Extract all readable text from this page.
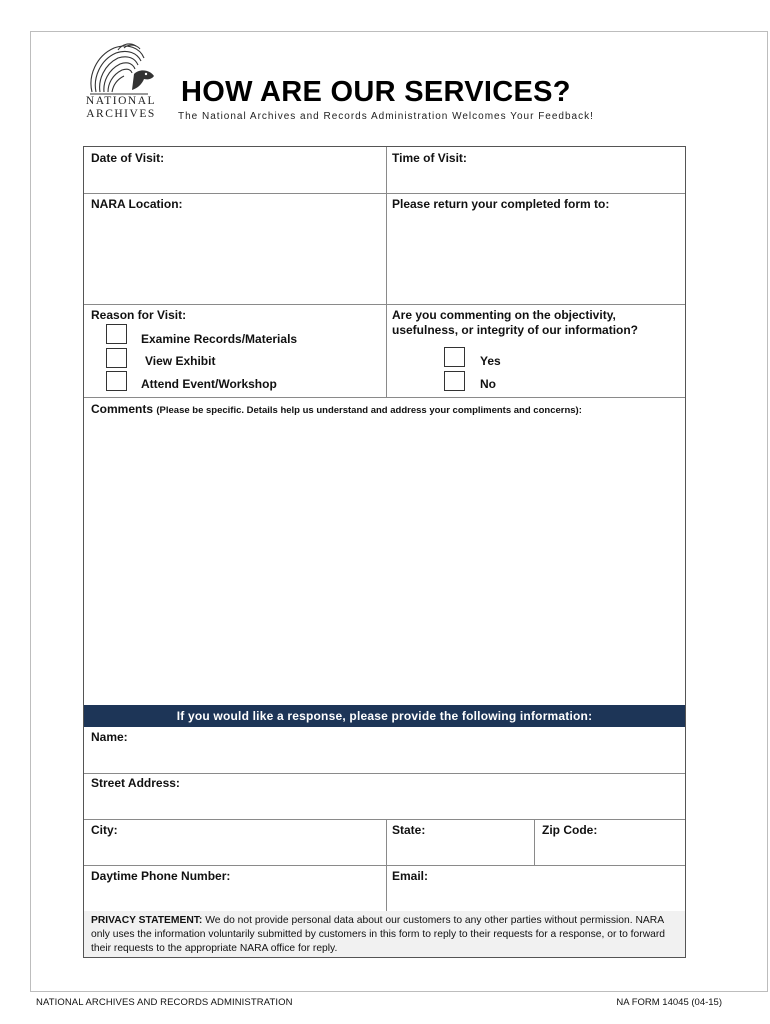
NATIONAL
ARCHIVES
HOW ARE OUR SERVICES?
The National Archives and Records Administration Welcomes Your Feedback!
Date of Visit:	Time of Visit:
NARA Location:	Please return your completed form to:
Reason for Visit:
Examine Records/Materials
View Exhibit
Attend Event/Workshop
Are you commenting on the objectivity,
usefulness, or integrity of our information?
Yes
No
Comments (Please be specific. Details help us understand and address your compliments and concerns):
If you would like a response, please provide the following information:
Name:
Street Address:
City:	State:	Zip Code:
Daytime Phone Number:	Email:
PRIVACY STATEMENT: We do not provide personal data about our customers to any other parties without permission. NARA only uses the information voluntarily submitted by customers in this form to reply to their requests for a response, or to forward their requests to the appropriate NARA office for reply.
NATIONAL ARCHIVES AND RECORDS ADMINISTRATION	NA FORM 14045 (04-15)
